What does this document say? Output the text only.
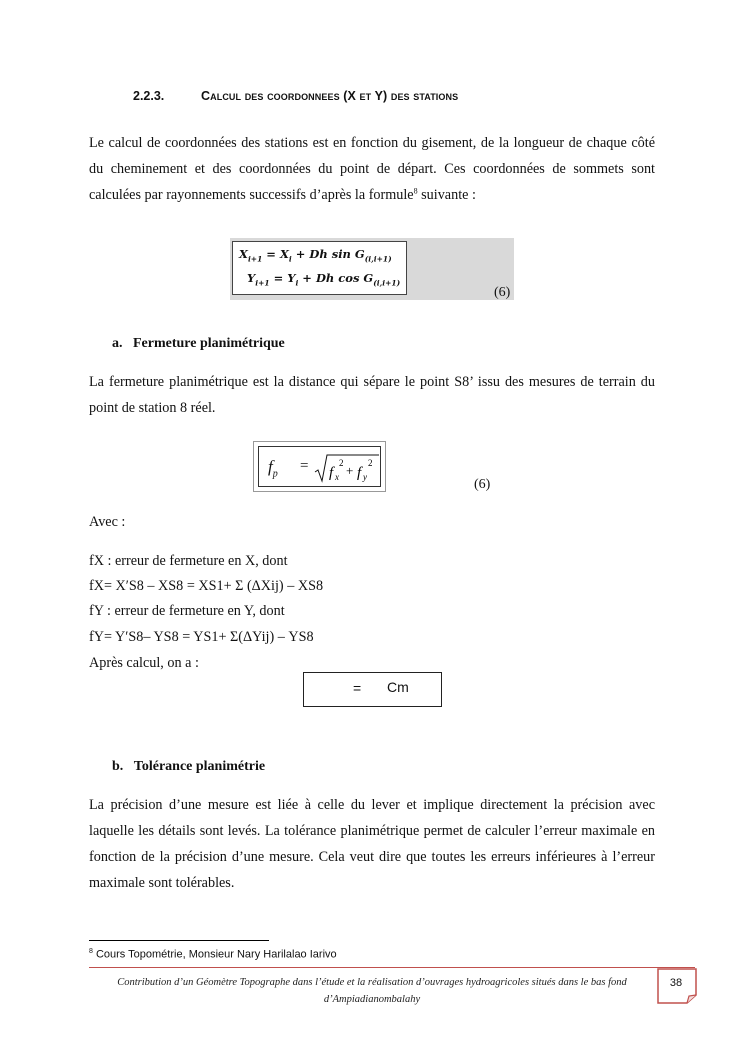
2.2.3.	Calcul des coordonnees (X et Y) des stations

Le calcul de coordonnées des stations est en fonction du gisement, de la longueur de chaque côté du cheminement et des coordonnées du point de départ. Ces coordonnées de sommets sont calculées par rayonnements successifs d’après la formule$^8$ suivante :

$X_{i+1} = X_i + Dh$ $\sin G_{(i,i+1)}$
$Y_{i+1} = Y_i + Dh$ $\cos G_{(i,i+1)}$
(6)
a. Fermeture planimétrique

La fermeture planimétrique est la distance qui sépare le point S8’ issu des mesures de terrain du point de station 8 réel.

$f_p = f$ x
2 + f y
2
(6)
Avec :
fX : erreur de fermeture en X, dont
fX= X′S8 – XS8 = XS1+ Σ (ΔXij) – XS8
fY : erreur de fermeture en Y, dont
fY= Y′S8– YS8 = YS1+ Σ(ΔYij) – YS8
Après calcul, on a :
= Cm
b. Tolérance planimétrie

La précision d’une mesure est liée à celle du lever et implique directement la précision avec laquelle les détails sont levés. La tolérance planimétrique permet de calculer l’erreur maximale en fonction de la précision d’une mesure. Cela veut dire que toutes les erreurs inférieures à l’erreur maximale sont tolérables.

$^8$ Cours Topométrie, Monsieur Nary Harilalao Iarivo
Contribution d’un Géomètre Topographe dans l’étude et la réalisation d’ouvrages hydroagricoles situés dans le bas fond d’Ampiadianombalahy
38
